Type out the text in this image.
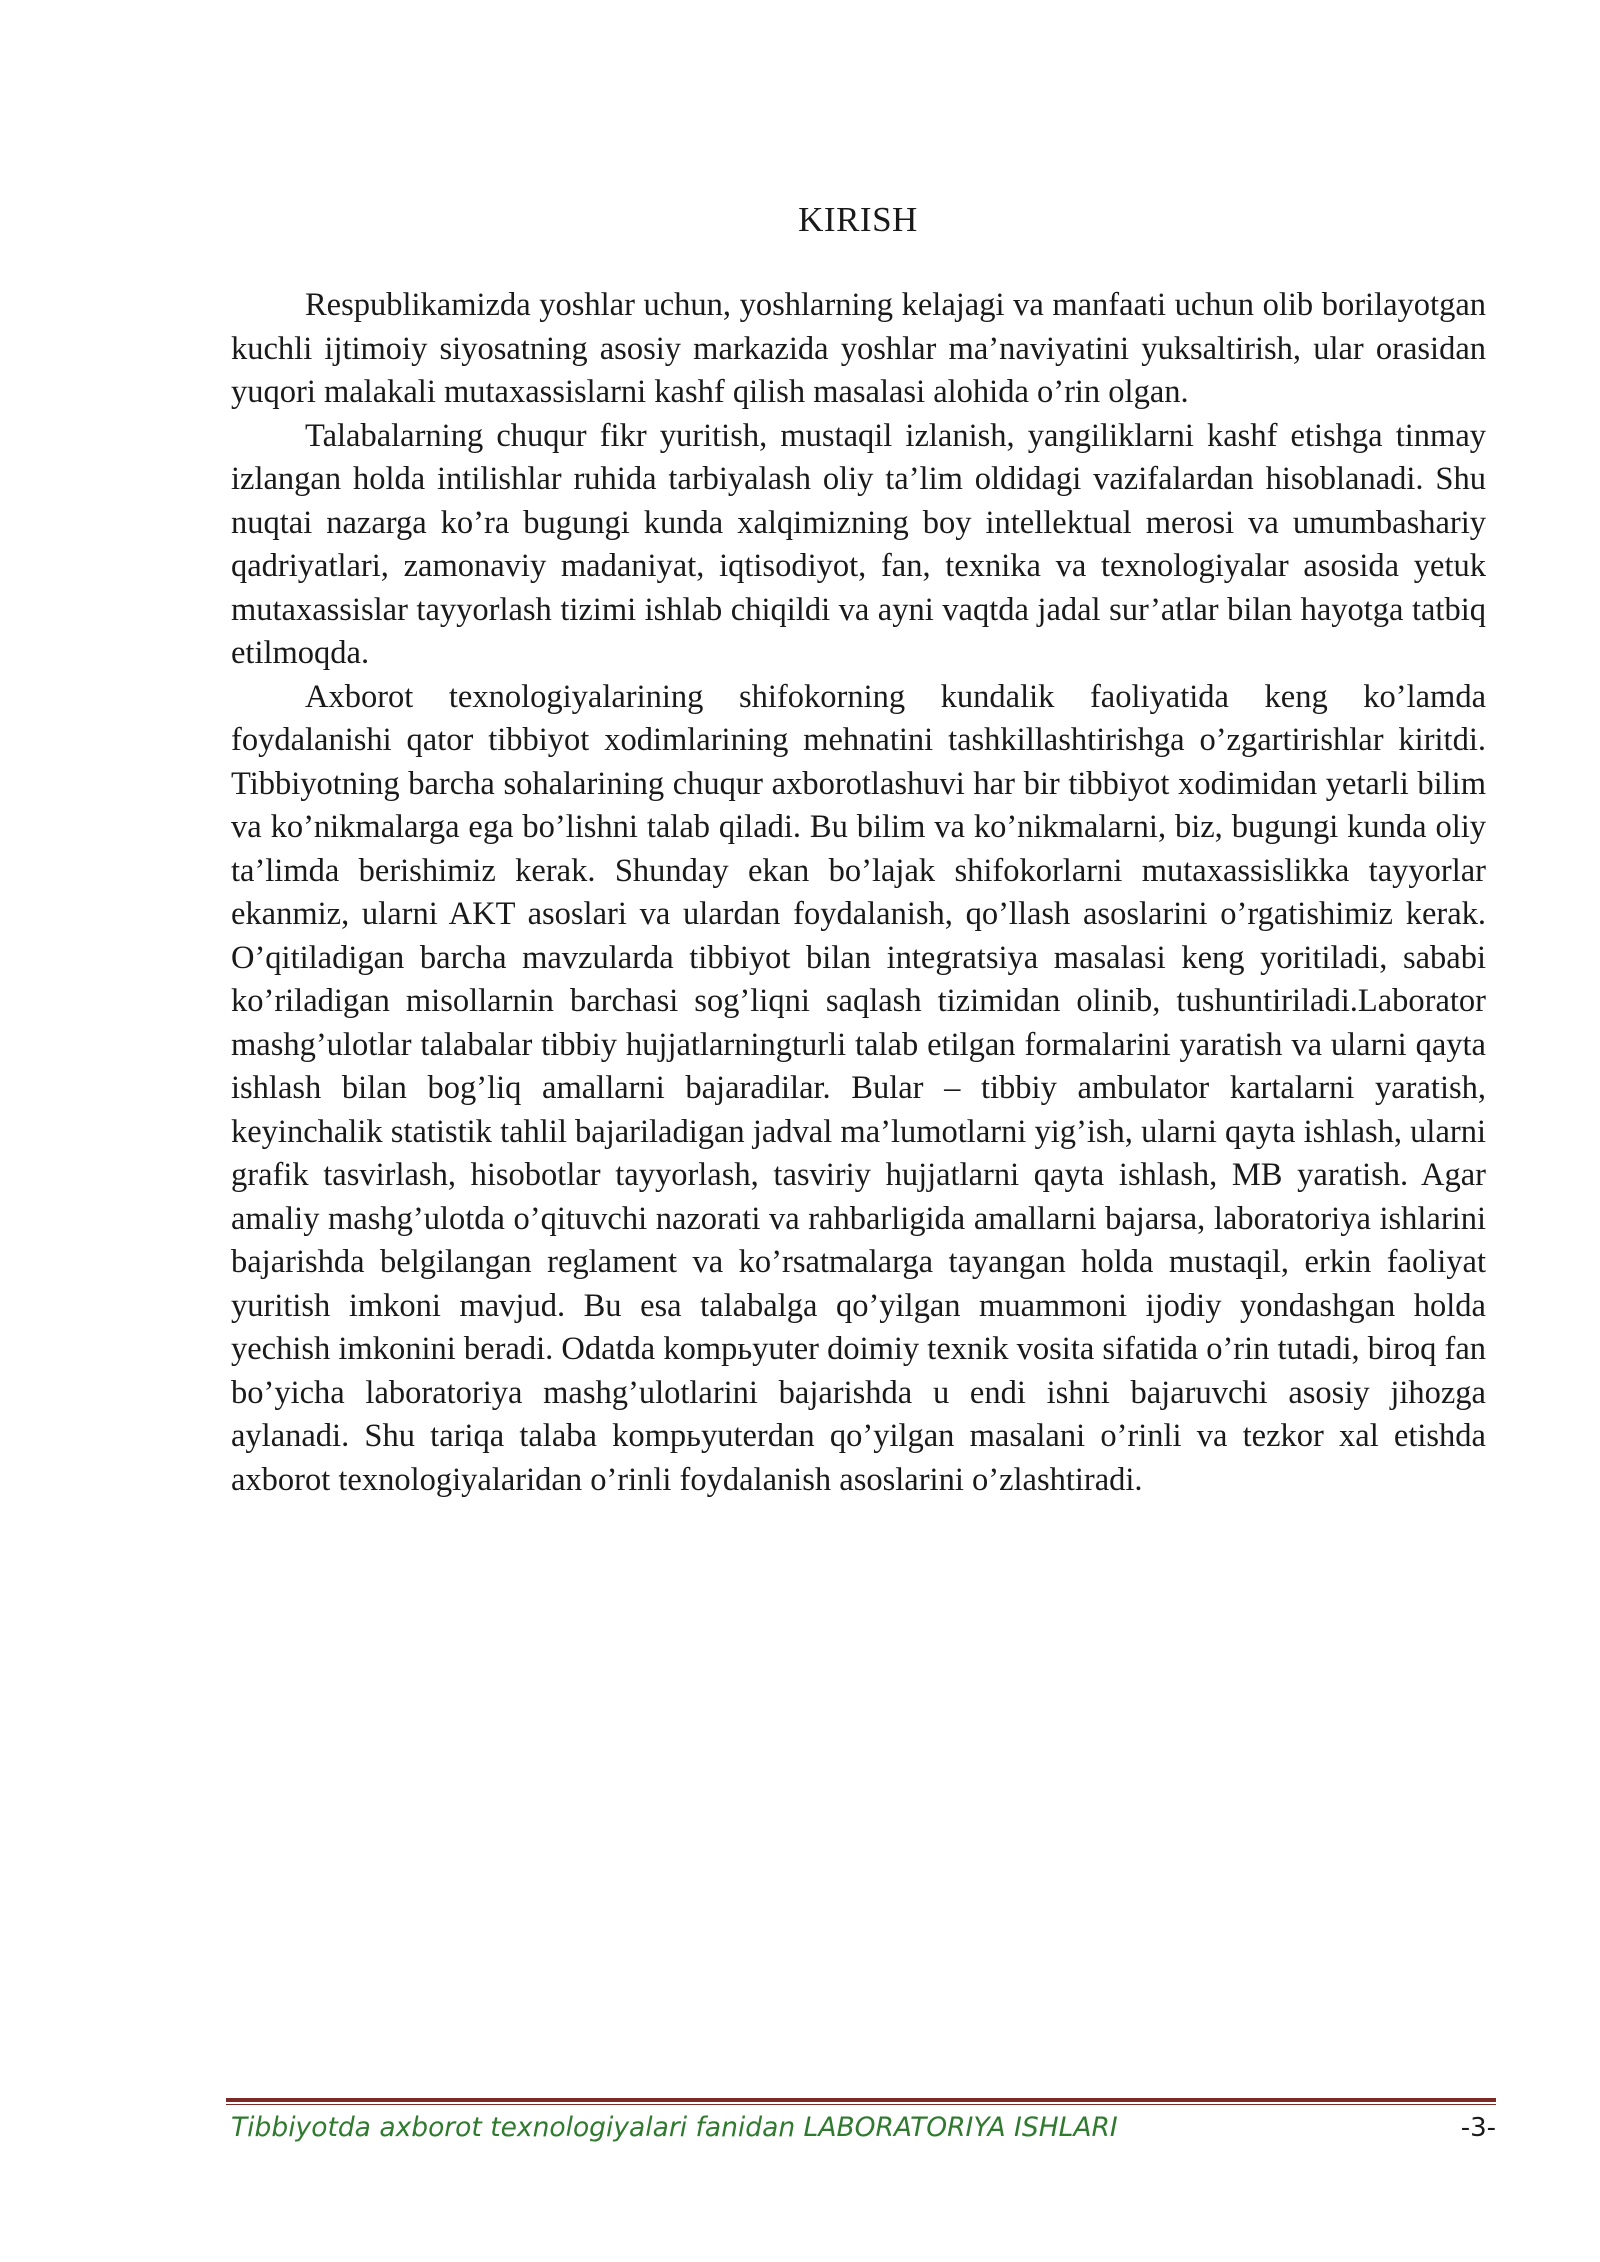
KIRISH

Respublikamizda yoshlar uchun, yoshlarning kelajagi va manfaati uchun olib borilayotgan kuchli ijtimoiy siyosatning asosiy markazida yoshlar ma’naviyatini yuksaltirish, ular orasidan yuqori malakali mutaxassislarni kashf qilish masalasi alohida o’rin olgan.

Talabalarning chuqur fikr yuritish, mustaqil izlanish, yangiliklarni kashf etishga tinmay izlangan holda intilishlar ruhida tarbiyalash oliy ta’lim oldidagi vazifalardan hisoblanadi. Shu nuqtai nazarga ko’ra bugungi kunda xalqimizning boy intellektual merosi va umumbashariy qadriyatlari, zamonaviy madaniyat, iqtisodiyot, fan, texnika va texnologiyalar asosida yetuk mutaxassislar tayyorlash tizimi ishlab chiqildi va ayni vaqtda jadal sur’atlar bilan hayotga tatbiq etilmoqda.

Axborot texnologiyalarining shifokorning kundalik faoliyatida keng ko’lamda foydalanishi qator tibbiyot xodimlarining mehnatini tashkillashtirishga o’zgartirishlar kiritdi. Tibbiyotning barcha sohalarining chuqur axborotlashuvi har bir tibbiyot xodimidan yetarli bilim va ko’nikmalarga ega bo’lishni talab qiladi. Bu bilim va ko’nikmalarni, biz, bugungi kunda oliy ta’limda berishimiz kerak. Shunday ekan bo’lajak shifokorlarni mutaxassislikka tayyorlar ekanmiz, ularni AKT asoslari va ulardan foydalanish, qo’llash asoslarini o’rgatishimiz kerak. O’qitiladigan barcha mavzularda tibbiyot bilan integratsiya masalasi keng yoritiladi, sababi ko’riladigan misollarnin barchasi sog’liqni saqlash tizimidan olinib, tushuntiriladi.Laborator mashg’ulotlar talabalar tibbiy hujjatlarningturli talab etilgan formalarini yaratish va ularni qayta ishlash bilan bog’liq amallarni bajaradilar. Bular – tibbiy ambulator kartalarni yaratish, keyinchalik statistik tahlil bajariladigan jadval ma’lumotlarni yig’ish, ularni qayta ishlash, ularni grafik tasvirlash, hisobotlar tayyorlash, tasviriy hujjatlarni qayta ishlash, MB yaratish. Agar amaliy mashg’ulotda o’qituvchi nazorati va rahbarligida amallarni bajarsa, laboratoriya ishlarini bajarishda belgilangan reglament va ko’rsatmalarga tayangan holda mustaqil, erkin faoliyat yuritish imkoni mavjud. Bu esa talabalga qo’yilgan muammoni ijodiy yondashgan holda yechish imkonini beradi. Odatda kompьyuter doimiy texnik vosita sifatida o’rin tutadi, biroq fan bo’yicha laboratoriya mashg’ulotlarini bajarishda u endi ishni bajaruvchi asosiy jihozga aylanadi. Shu tariqa talaba kompьyuterdan qo’yilgan masalani o’rinli va tezkor xal etishda axborot texnologiyalaridan o’rinli foydalanish asoslarini o’zlashtiradi.

Tibbiyotda axborot texnologiyalari fanidan LABORATORIYA ISHLARI	-3-
